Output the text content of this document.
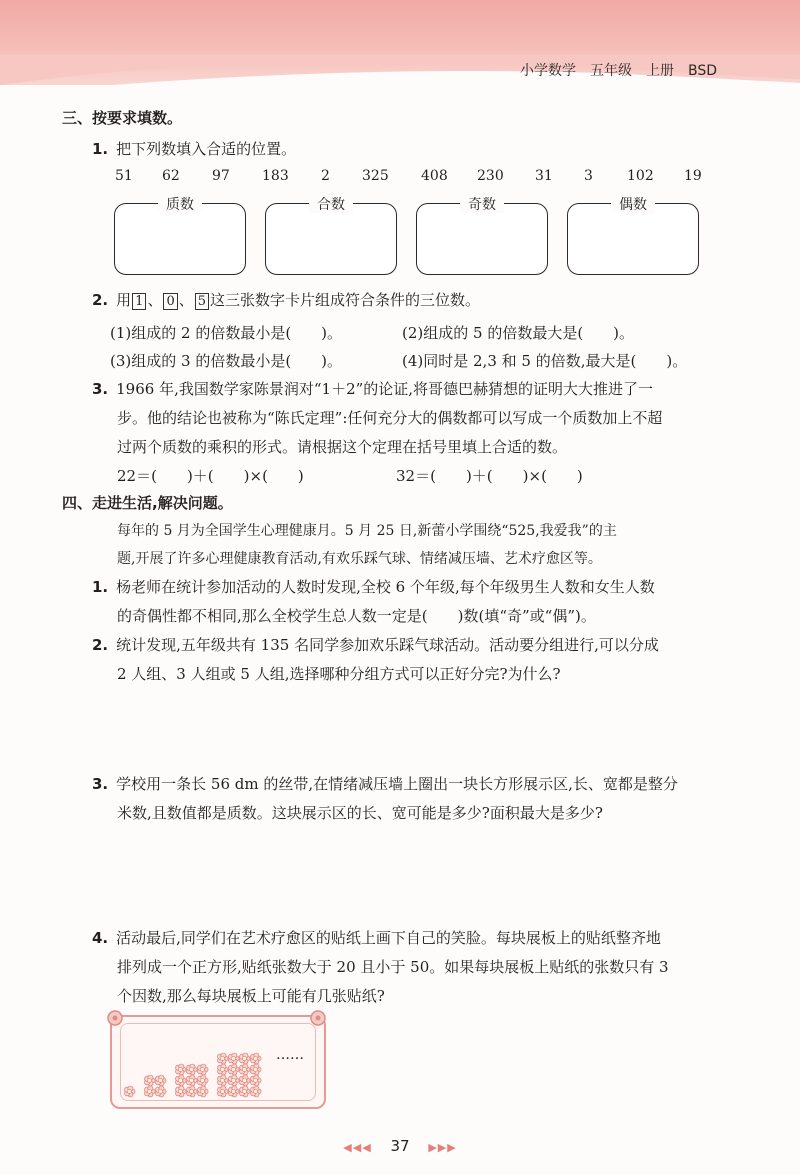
小学数学　五年级　上册　BSD
三、按要求填数。
1. 把下列数填入合适的位置。
51 62 97 183 2 325 408 230 31 3 102 19
质数	合数	奇数	偶数
2. 用 1 、 0 、 5 这三张数字卡片组成符合条件的三位数。
(1)组成的 2 的倍数最小是(　　)。	(2)组成的 5 的倍数最大是(　　)。
(3)组成的 3 的倍数最小是(　　)。	(4)同时是 2,3 和 5 的倍数,最大是(　　)。
3. 1966 年,我国数学家陈景润对“1＋2”的论证,将哥德巴赫猜想的证明大大推进了一
步。他的结论也被称为“陈氏定理”:任何充分大的偶数都可以写成一个质数加上不超
过两个质数的乘积的形式。请根据这个定理在括号里填上合适的数。
22＝(　　)＋(　　)×(　　)	32＝(　　)＋(　　)×(　　)
四、走进生活,解决问题。
每年的 5 月为全国学生心理健康月。5 月 25 日,新蕾小学围绕“525,我爱我”的主
题,开展了许多心理健康教育活动,有欢乐踩气球、情绪减压墙、艺术疗愈区等。
1. 杨老师在统计参加活动的人数时发现,全校 6 个年级,每个年级男生人数和女生人数
的奇偶性都不相同,那么全校学生总人数一定是(　　)数(填“奇”或“偶”)。
2. 统计发现,五年级共有 135 名同学参加欢乐踩气球活动。活动要分组进行,可以分成
2 人组、3 人组或 5 人组,选择哪种分组方式可以正好分完?为什么?
3. 学校用一条长 56 dm 的丝带,在情绪减压墙上圈出一块长方形展示区,长、宽都是整分
米数,且数值都是质数。这块展示区的长、宽可能是多少?面积最大是多少?
4. 活动最后,同学们在艺术疗愈区的贴纸上画下自己的笑脸。每块展板上的贴纸整齐地
排列成一个正方形,贴纸张数大于 20 且小于 50。如果每块展板上贴纸的张数只有 3
个因数,那么每块展板上可能有几张贴纸?
……
◀◀◀ 37 ▶▶▶
